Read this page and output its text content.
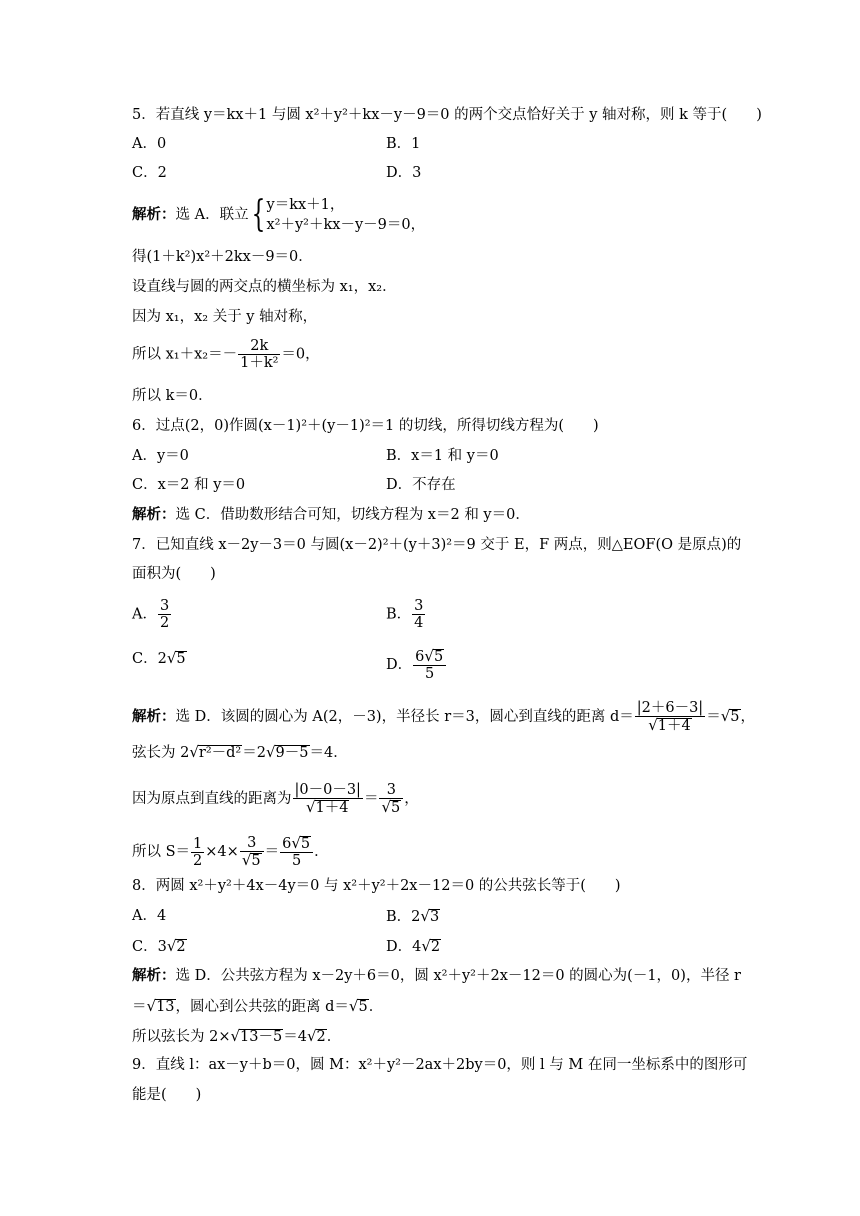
5．若直线 y＝kx＋1 与圆 x²＋y²＋kx－y－9＝0 的两个交点恰好关于 y 轴对称，则 k 等于(　　)
A．0	B．1
C．2	D．3
解析：选 A．联立{ y＝kx＋1，
x²＋y²＋kx－y－9＝0，
得(1＋k²)x²＋2kx－9＝0．
设直线与圆的两交点的横坐标为 x₁，x₂．
因为 x₁，x₂ 关于 y 轴对称，
所以 $x_1+x_2=- \frac{2k}{\text{1＋k²}} =0$，
所以 k＝0．
6．过点(2，0)作圆(x－1)²＋(y－1)²＝1 的切线，所得切线方程为(　　)
A．y＝0	B．x＝1 和 y＝0
C．x＝2 和 y＝0	D．不存在
解析：选 C．借助数形结合可知，切线方程为 x＝2 和 y＝0．
7．已知直线 x－2y－3＝0 与圆(x－2)²＋(y＋3)²＝9 交于 E，F 两点，则△EOF(O 是原点)的
面积为(　　)
A． $\frac{3}{2}$	B． $\frac{3}{4}$
C．2√5	D． $\frac{6√5}{5}$
解析：选 D．该圆的圆心为 A(2，－3)，半径长 r＝3，圆心到直线的距离 $d= \frac{|2+6-3|}{√1+4} =√5$，
弦长为 2√r²－d²＝2√9－5＝4．
因为原点到直线的距离为 $\frac{|0-0-3|}{√1+4} = \frac{3}{√5}$ ，
所以 $S= \frac{1}{2} \times 4\times \frac{3}{√5} = \frac{6√5}{5}$ ．
8．两圆 x²＋y²＋4x－4y＝0 与 x²＋y²＋2x－12＝0 的公共弦长等于(　　)
A．4	B．2√3
C．3√2	D．4√2
解析：选 D．公共弦方程为 x－2y＋6＝0，圆 x²＋y²＋2x－12＝0 的圆心为(－1，0)，半径 r
＝√13，圆心到公共弦的距离 d＝√5．
所以弦长为 2×√13－5＝4√2．
9．直线 l：ax－y＋b＝0，圆 M：x²＋y²－2ax＋2by＝0，则 l 与 M 在同一坐标系中的图形可
能是(　　)
